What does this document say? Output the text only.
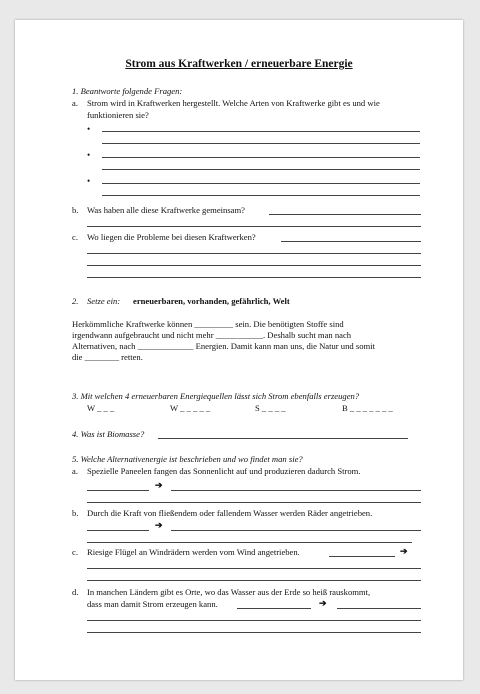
Strom aus Kraftwerken / erneuerbare Energie
1. Beantworte folgende Fragen:
a. Strom wird in Kraftwerken hergestellt. Welche Arten von Kraftwerke gibt es und wie
funktionieren sie?
•
•
•
b. Was haben alle diese Kraftwerke gemeinsam?
c. Wo liegen die Probleme bei diesen Kraftwerken?
2. Setze ein: erneuerbaren, vorhanden, gefährlich, Welt
Herkömmliche Kraftwerke können _________ sein. Die benötigten Stoffe sind
irgendwann aufgebraucht und nicht mehr ___________. Deshalb sucht man nach
Alternativen, nach _____________ Energien. Damit kann man uns, die Natur und somit
die ________ retten.
3. Mit welchen 4 erneuerbaren Energiequellen lässt sich Strom ebenfalls erzeugen?
W _ _ _	W _ _ _ _ _	S _ _ _ _	B _ _ _ _ _ _ _
4. Was ist Biomasse?
5. Welche Alternativenergie ist beschrieben und wo findet man sie?
a. Spezielle Paneelen fangen das Sonnenlicht auf und produzieren dadurch Strom.
➔
b. Durch die Kraft von fließendem oder fallendem Wasser werden Räder angetrieben.
➔
c. Riesige Flügel an Windrädern werden vom Wind angetrieben.	➔
d. In manchen Ländern gibt es Orte, wo das Wasser aus der Erde so heiß rauskommt,
dass man damit Strom erzeugen kann.	➔
